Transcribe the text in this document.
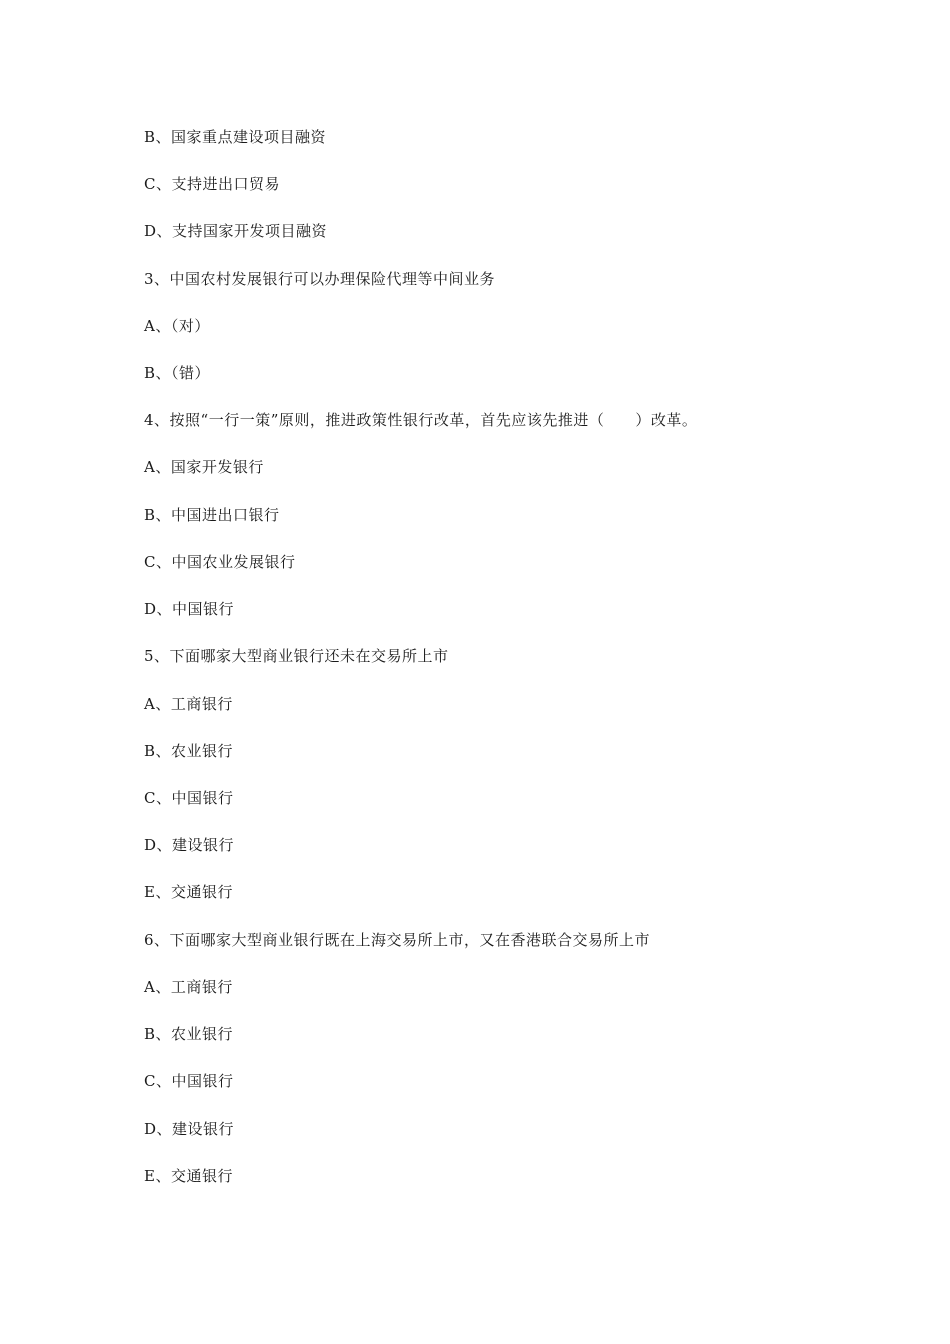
B、国家重点建设项目融资
C、支持进出口贸易
D、支持国家开发项目融资
3、中国农村发展银行可以办理保险代理等中间业务
A、（对）
B、（错）
4、按照“一行一策”原则，推进政策性银行改革，首先应该先推进（　　）改革。
A、国家开发银行
B、中国进出口银行
C、中国农业发展银行
D、中国银行
5、下面哪家大型商业银行还未在交易所上市
A、工商银行
B、农业银行
C、中国银行
D、建设银行
E、交通银行
6、下面哪家大型商业银行既在上海交易所上市，又在香港联合交易所上市
A、工商银行
B、农业银行
C、中国银行
D、建设银行
E、交通银行
